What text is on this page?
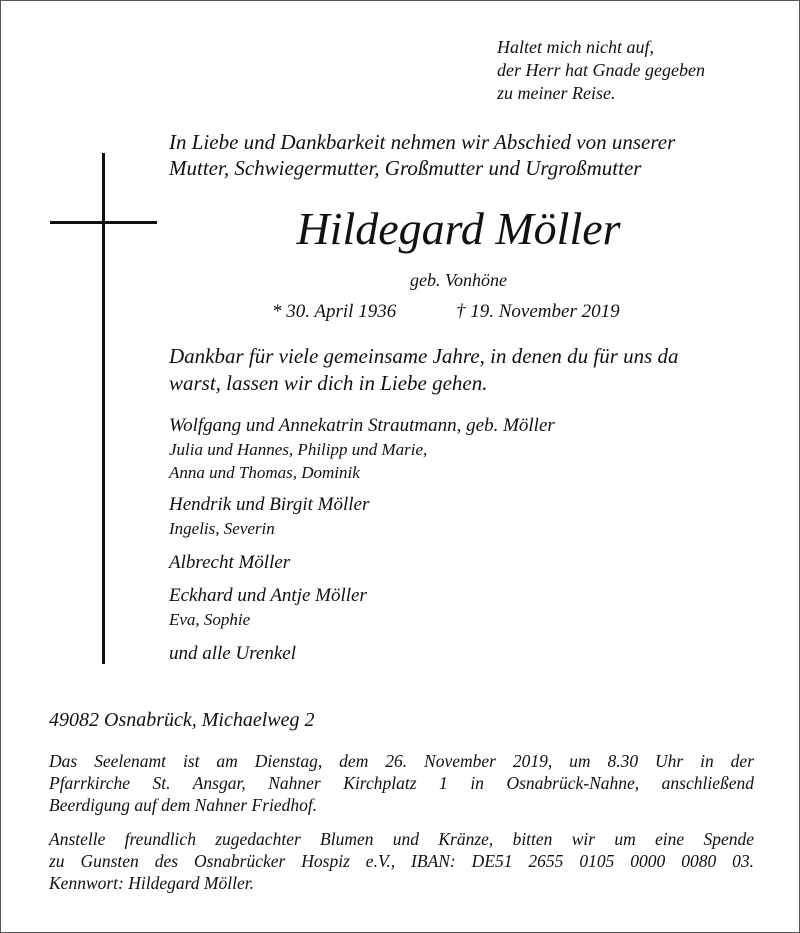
Haltet mich nicht auf,
der Herr hat Gnade gegeben
zu meiner Reise.
In Liebe und Dankbarkeit nehmen wir Abschied von unserer
Mutter, Schwiegermutter, Großmutter und Urgroßmutter
Hildegard Möller
geb. Vonhöne
* 30. April 1936	† 19. November 2019
Dankbar für viele gemeinsame Jahre, in denen du für uns da
warst, lassen wir dich in Liebe gehen.
Wolfgang und Annekatrin Strautmann, geb. Möller
Julia und Hannes, Philipp und Marie,
Anna und Thomas, Dominik
Hendrik und Birgit Möller
Ingelis, Severin
Albrecht Möller
Eckhard und Antje Möller
Eva, Sophie
und alle Urenkel
49082 Osnabrück, Michaelweg 2
Das Seelenamt ist am Dienstag, dem 26. November 2019, um 8.30 Uhr in der
Pfarrkirche St. Ansgar, Nahner Kirchplatz 1 in Osnabrück-Nahne, anschließend
Beerdigung auf dem Nahner Friedhof.
Anstelle freundlich zugedachter Blumen und Kränze, bitten wir um eine Spende
zu Gunsten des Osnabrücker Hospiz e.V., IBAN: DE51 2655 0105 0000 0080 03.
Kennwort: Hildegard Möller.
